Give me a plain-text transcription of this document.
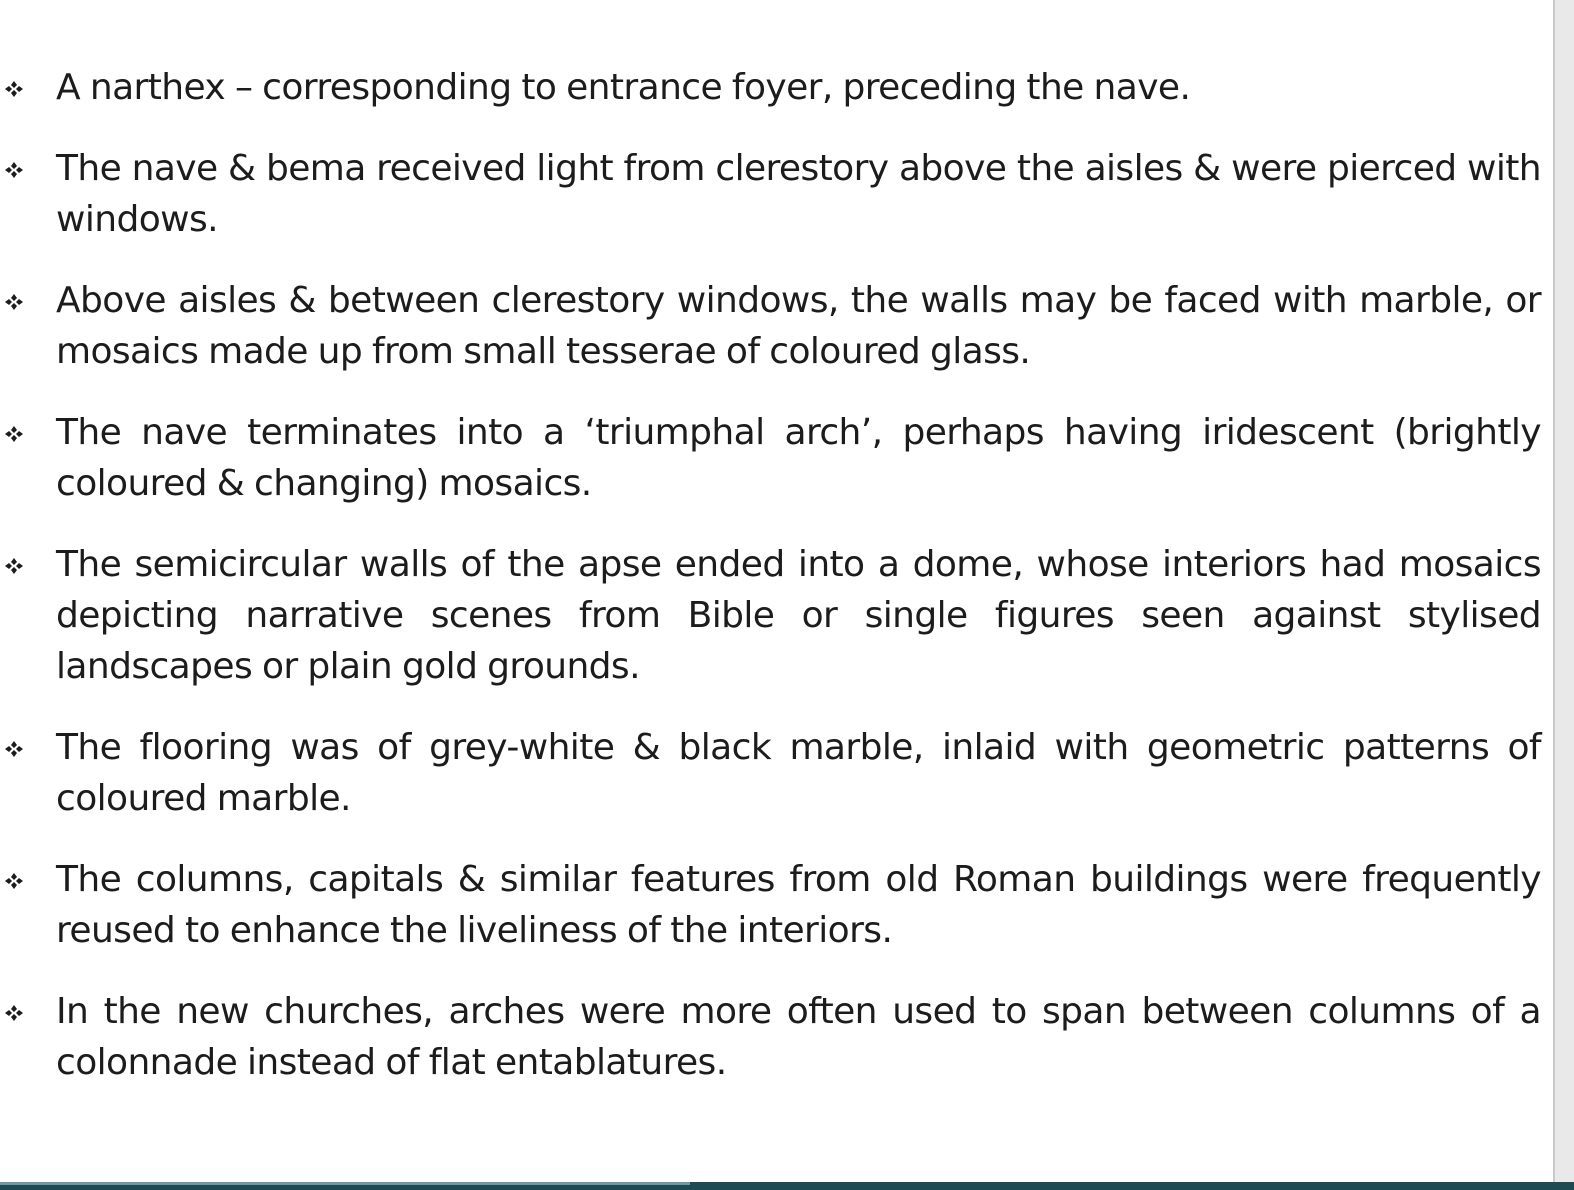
A narthex – corresponding to entrance foyer, preceding the nave.
The nave & bema received light from clerestory above the aisles & were pierced with windows.
Above aisles & between clerestory windows, the walls may be faced with marble, or mosaics made up from small tesserae of coloured glass.
The nave terminates into a ‘triumphal arch’, perhaps having iridescent (brightly coloured & changing) mosaics.
The semicircular walls of the apse ended into a dome, whose interiors had mosaics depicting narrative scenes from Bible or single figures seen against stylised landscapes or plain gold grounds.
The flooring was of grey-white & black marble, inlaid with geometric patterns of coloured marble.
The columns, capitals & similar features from old Roman buildings were frequently reused to enhance the liveliness of the interiors.
In the new churches, arches were more often used to span between columns of a colonnade instead of flat entablatures.
